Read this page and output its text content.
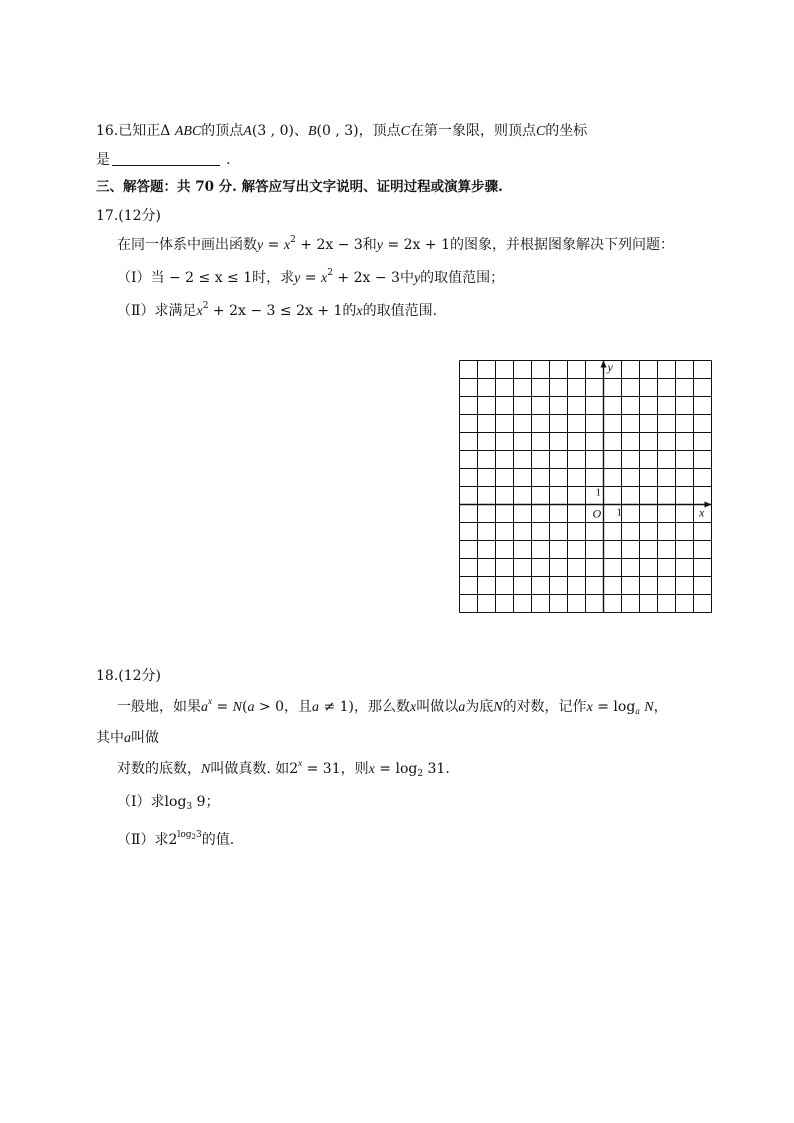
16.已知正Δ ABC的顶点A(3 , 0)、B(0 , 3)，顶点C在第一象限，则顶点C的坐标
是	.
三、解答题：共 70 分. 解答应写出文字说明、证明过程或演算步骤.
17.(12分)
在同一体系中画出函数$y = x^2 + 2x - 3$和y = 2x + 1的图象，并根据图象解决下列问题：
（Ⅰ）当 − 2 ≤ x ≤ 1时，求$y = x^2 + 2x - 3$中y的取值范围；
（Ⅱ）求满足$x^2 + 2x - 3 \le 2x + 1$的x的取值范围.
y
x
O 1
1
18.(12分)
一般地，如果$a^x = N(a > 0$，且a ≠ 1)，那么数x叫做以a为底N的对数，记作$x = \log_a N$，
其中a叫做
对数的底数，N叫做真数. 如$2^x = 31$，则$x = \log_2 31$.
（Ⅰ）求$\log_3 9$；
（Ⅱ）求$2^{log_23}$的值.
